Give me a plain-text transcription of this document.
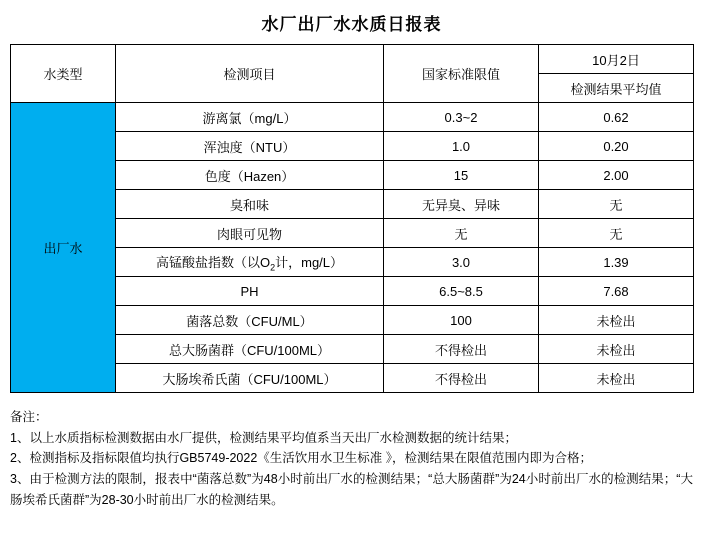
水厂出厂水水质日报表
水类型	检测项目	国家标准限值	10月2日
			检测结果平均值
出厂水	游离氯（mg/L）	0.3~2	0.62
	浑浊度（NTU）	1.0	0.20
	色度（Hazen）	15	2.00
	臭和味	无异臭、异味	无
	肉眼可见物	无	无
	高锰酸盐指数（以$O_2$计，mg/L）	3.0	1.39
	PH	6.5~8.5	7.68
	菌落总数（CFU/ML）	100	未检出
	总大肠菌群（CFU/100ML）	不得检出	未检出
	大肠埃希氏菌（CFU/100ML）	不得检出	未检出
备注：
1、以上水质指标检测数据由水厂提供，检测结果平均值系当天出厂水检测数据的统计结果；
2、检测指标及指标限值均执行GB5749-2022《生活饮用水卫生标准 》，检测结果在限值范围内即为合格；
3、由于检测方法的限制，报表中“菌落总数”为48小时前出厂水的检测结果；“总大肠菌群”为24小时前出厂水的检测结果；“大肠埃希氏菌群”为28-30小时前出厂水的检测结果。
